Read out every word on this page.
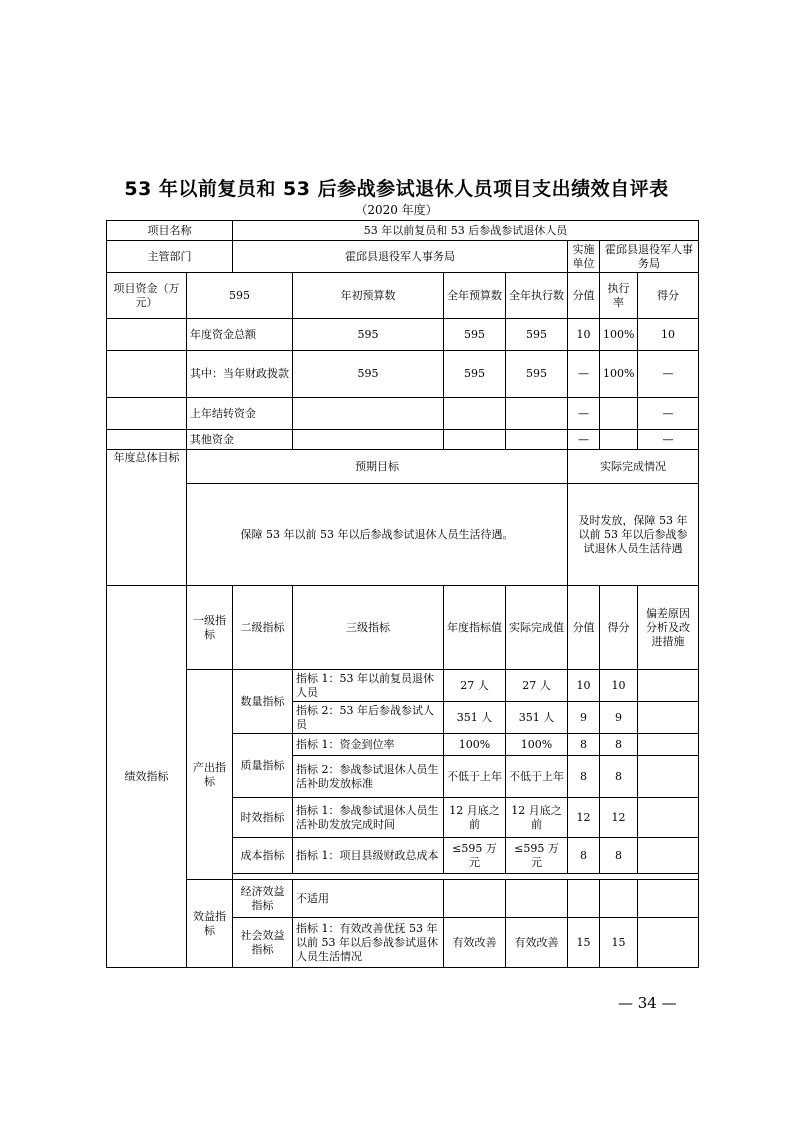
53 年以前复员和 53 后参战参试退休人员项目支出绩效自评表
（2020 年度）
项目名称		53 年以前复员和 53 后参战参试退休人员						
主管部门		霍邱县退役军人事务局				实施单位	霍邱县退役军人事务局	
项目资金（万元）	595		年初预算数	全年预算数	全年执行数	分值	执行率	得分
	年度资金总额		595	595	595	10	100%	10
	其中：当年财政拨款		595	595	595	—	100%	—
	上年结转资金					—		—
	其他资金					—		—
年度总体目标	预期目标					实际完成情况		
	保障 53 年以前 53 年以后参战参试退休人员生活待遇。					及时发放，保障 53 年以前 53 年以后参战参试退休人员生活待遇		
绩效指标	一级指标	二级指标	三级指标	年度指标值	实际完成值	分值	得分	偏差原因分析及改进措施
	产出指标	数量指标	指标 1：53 年以前复员退休人员	27 人	27 人	10	10	
			指标 2：53 年后参战参试人员	351 人	351 人	9	9	
		质量指标	指标 1：资金到位率	100%	100%	8	8	
			指标 2：参战参试退休人员生活补助发放标准	不低于上年	不低于上年	8	8	
		时效指标	指标 1：参战参试退休人员生活补助发放完成时间	12 月底之前	12 月底之前	12	12	
		成本指标	指标 1：项目县级财政总成本	≤595 万元	≤595 万元	8	8	

	效益指标	经济效益指标	不适用					
		社会效益指标	指标 1：有效改善优抚 53 年以前 53 年以后参战参试退休人员生活情况	有效改善	有效改善	15	15	
— 34 —
